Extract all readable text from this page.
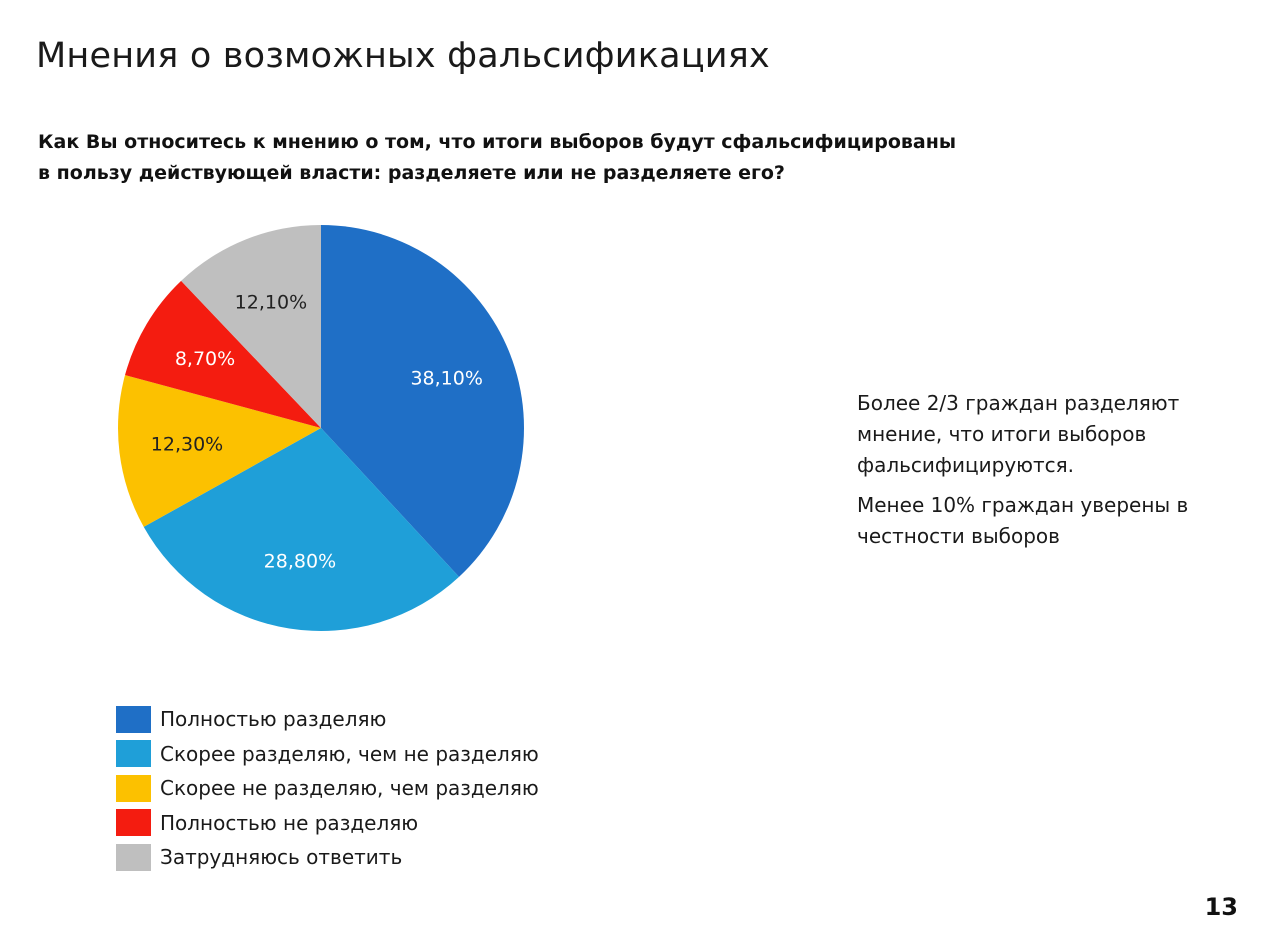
Мнения о возможных фальсификациях
Как Вы относитесь к мнению о том, что итоги выборов будут сфальсифицированы
в пользу действующей власти: разделяете или не разделяете его?
38,10%
28,80%
12,30%
8,70%
12,10%
Полностью разделяю
Скорее разделяю, чем не разделяю
Скорее не разделяю, чем разделяю
Полностью не разделяю
Затрудняюсь ответить

Более 2/3 граждан разделяют мнение, что итоги выборов фальсифицируются.

Менее 10% граждан уверены в честности выборов

13
